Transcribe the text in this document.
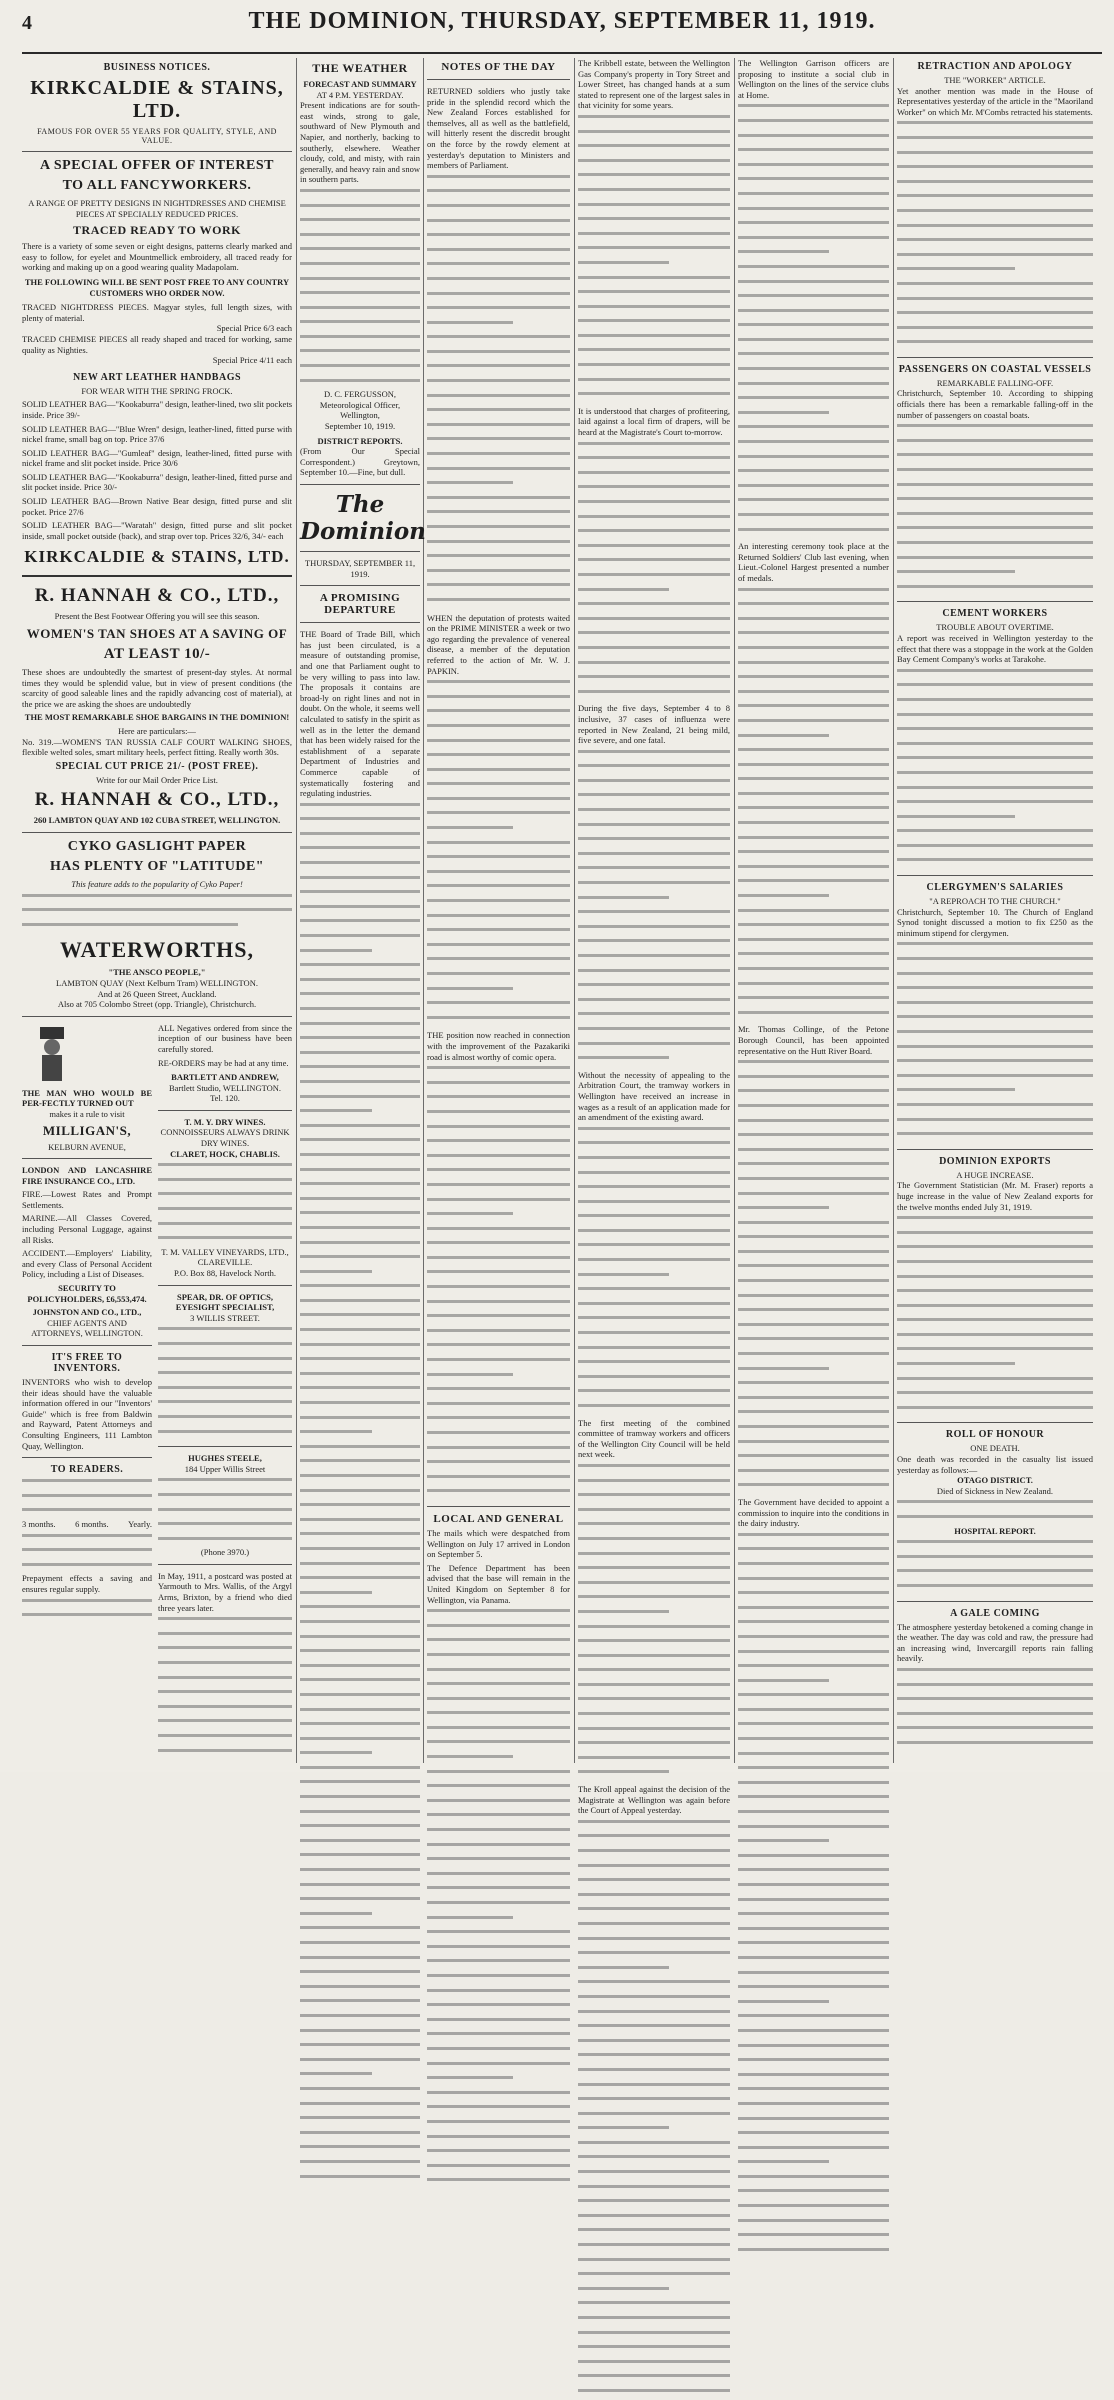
4	THE DOMINION, THURSDAY, SEPTEMBER 11, 1919.
BUSINESS NOTICES.
KIRKCALDIE & STAINS, LTD.
FAMOUS FOR OVER 55 YEARS FOR QUALITY, STYLE, AND VALUE.
A SPECIAL OFFER OF INTEREST
TO ALL FANCYWORKERS.
A RANGE OF PRETTY DESIGNS IN NIGHTDRESSES AND CHEMISE PIECES AT SPECIALLY REDUCED PRICES.
TRACED READY TO WORK
There is a variety of some seven or eight designs, patterns clearly marked and easy to follow, for eyelet and Mountmellick embroidery, all traced ready for working and making up on a good wearing quality Madapolam.
THE FOLLOWING WILL BE SENT POST FREE TO ANY COUNTRY CUSTOMERS WHO ORDER NOW.
TRACED NIGHTDRESS PIECES. Magyar styles, full length sizes, with plenty of material.
Special Price 6/3 each
TRACED CHEMISE PIECES all ready shaped and traced for working, same quality as Nighties.
Special Price 4/11 each
NEW ART LEATHER HANDBAGS
FOR WEAR WITH THE SPRING FROCK.
SOLID LEATHER BAG—"Kookaburra" design, leather-lined, two slit pockets inside. Price 39/-
SOLID LEATHER BAG—"Blue Wren" design, leather-lined, fitted purse with nickel frame, small bag on top. Price 37/6
SOLID LEATHER BAG—"Gumleaf" design, leather-lined, fitted purse with nickel frame and slit pocket inside. Price 30/6
SOLID LEATHER BAG—"Kookaburra" design, leather-lined, fitted purse and slit pocket inside. Price 30/-
SOLID LEATHER BAG—Brown Native Bear design, fitted purse and slit pocket. Price 27/6
SOLID LEATHER BAG—"Waratah" design, fitted purse and slit pocket inside, small pocket outside (back), and strap over top. Prices 32/6, 34/- each
KIRKCALDIE & STAINS, LTD.
R. HANNAH & CO., LTD.,
Present the Best Footwear Offering you will see this season.
WOMEN'S TAN SHOES AT A SAVING OF
AT LEAST 10/-
These shoes are undoubtedly the smartest of present-day styles. At normal times they would be splendid value, but in view of present conditions (the scarcity of good saleable lines and the rapidly advancing cost of material), at the price we are asking the shoes are undoubtedly
THE MOST REMARKABLE SHOE BARGAINS IN THE DOMINION!
Here are particulars:—
No. 319.—WOMEN'S TAN RUSSIA CALF COURT WALKING SHOES, flexible welted soles, smart military heels, perfect fitting. Really worth 30s.
SPECIAL CUT PRICE 21/- (POST FREE).
Write for our Mail Order Price List.
R. HANNAH & CO., LTD.,
260 LAMBTON QUAY AND 102 CUBA STREET, WELLINGTON.
CYKO GASLIGHT PAPER
HAS PLENTY OF "LATITUDE"
This feature adds to the popularity of Cyko Paper!
WATERWORTHS,
"THE ANSCO PEOPLE,"
LAMBTON QUAY (Next Kelburn Tram) WELLINGTON.
And at 26 Queen Street, Auckland.
Also at 705 Colombo Street (opp. Triangle), Christchurch.
THE MAN WHO WOULD BE PER-FECTLY TURNED OUT
makes it a rule to visit
MILLIGAN'S,
KELBURN AVENUE,
LONDON AND LANCASHIRE FIRE INSURANCE CO., LTD.
FIRE.—Lowest Rates and Prompt Settlements.
MARINE.—All Classes Covered, including Personal Luggage, against all Risks.
ACCIDENT.—Employers' Liability, and every Class of Personal Accident Policy, including a List of Diseases.
SECURITY TO POLICYHOLDERS, £6,553,474.
JOHNSTON AND CO., LTD.,
CHIEF AGENTS AND ATTORNEYS, WELLINGTON.
IT'S FREE TO INVENTORS.
INVENTORS who wish to develop their ideas should have the valuable information offered in our "Inventors' Guide" which is free from Baldwin and Rayward, Patent Attorneys and Consulting Engineers, 111 Lambton Quay, Wellington.
TO READERS.
3 months. 6 months. Yearly.
Prepayment effects a saving and ensures regular supply.
ALL Negatives ordered from since the inception of our business have been carefully stored.
RE-ORDERS may be had at any time.
BARTLETT AND ANDREW,
Bartlett Studio, WELLINGTON.
Tel. 120.
T. M. Y. DRY WINES.
CONNOISSEURS ALWAYS DRINK DRY WINES.
CLARET, HOCK, CHABLIS.
T. M. VALLEY VINEYARDS, LTD., CLAREVILLE.
P.O. Box 88, Havelock North.
SPEAR, DR. OF OPTICS, EYESIGHT SPECIALIST,
3 WILLIS STREET.
HUGHES STEELE,
184 Upper Willis Street
(Phone 3970.)
In May, 1911, a postcard was posted at Yarmouth to Mrs. Wallis, of the Argyl Arms, Brixton, by a friend who died three years later.
THE WEATHER
FORECAST AND SUMMARY
AT 4 P.M. YESTERDAY.
Present indications are for south-east winds, strong to gale, southward of New Plymouth and Napier, and northerly, backing to southerly, elsewhere. Weather cloudy, cold, and misty, with rain generally, and heavy rain and snow in southern parts.
D. C. FERGUSSON,
Meteorological Officer, Wellington,
September 10, 1919.
DISTRICT REPORTS.
(From Our Special Correspondent.) Greytown, September 10.—Fine, but dull.
The Dominion
THURSDAY, SEPTEMBER 11, 1919.
A PROMISING DEPARTURE
THE Board of Trade Bill, which has just been circulated, is a measure of outstanding promise, and one that Parliament ought to be very willing to pass into law. The proposals it contains are broad-ly on right lines and not in doubt. On the whole, it seems well calculated to satisfy in the spirit as well as in the letter the demand that has been widely raised for the establishment of a separate Department of Industries and Commerce capable of systematically fostering and regulating industries.
NOTES OF THE DAY
RETURNED soldiers who justly take pride in the splendid record which the New Zealand Forces established for themselves, all as well as the battlefield, will hitterly resent the discredit brought on the force by the rowdy element at yesterday's deputation to Ministers and members of Parliament.
WHEN the deputation of protests waited on the PRIME MINISTER a week or two ago regarding the prevalence of venereal disease, a member of the deputation referred to the action of Mr. W. J. PAPKIN.
THE position now reached in connection with the improvement of the Pazakariki road is almost worthy of comic opera.
LOCAL AND GENERAL
The mails which were despatched from Wellington on July 17 arrived in London on September 5.
The Defence Department has been advised that the base will remain in the United Kingdom on September 8 for Wellington, via Panama.
The Kribbell estate, between the Wellington Gas Company's property in Tory Street and Lower Street, has changed hands at a sum stated to represent one of the largest sales in that vicinity for some years.
It is understood that charges of profiteering, laid against a local firm of drapers, will be heard at the Magistrate's Court to-morrow.
During the five days, September 4 to 8 inclusive, 37 cases of influenza were reported in New Zealand, 21 being mild, five severe, and one fatal.
Without the necessity of appealing to the Arbitration Court, the tramway workers in Wellington have received an increase in wages as a result of an application made for an amendment of the existing award.
The first meeting of the combined committee of tramway workers and officers of the Wellington City Council will be held next week.
The Kroll appeal against the decision of the Magistrate at Wellington was again before the Court of Appeal yesterday.
The Wellington Garrison officers are proposing to institute a social club in Wellington on the lines of the service clubs at Home.
An interesting ceremony took place at the Returned Soldiers' Club last evening, when Lieut.-Colonel Hargest presented a number of medals.
Mr. Thomas Collinge, of the Petone Borough Council, has been appointed representative on the Hutt River Board.
The Government have decided to appoint a commission to inquire into the conditions in the dairy industry.
RETRACTION AND APOLOGY
THE "WORKER" ARTICLE.
Yet another mention was made in the House of Representatives yesterday of the article in the "Maoriland Worker" on which Mr. M'Combs retracted his statements.
PASSENGERS ON COASTAL VESSELS
REMARKABLE FALLING-OFF.
Christchurch, September 10. According to shipping officials there has been a remarkable falling-off in the number of passengers on coastal boats.
CEMENT WORKERS
TROUBLE ABOUT OVERTIME.
A report was received in Wellington yesterday to the effect that there was a stoppage in the work at the Golden Bay Cement Company's works at Tarakohe.
CLERGYMEN'S SALARIES
"A REPROACH TO THE CHURCH."
Christchurch, September 10. The Church of England Synod tonight discussed a motion to fix £250 as the minimum stipend for clergymen.
DOMINION EXPORTS
A HUGE INCREASE.
The Government Statistician (Mr. M. Fraser) reports a huge increase in the value of New Zealand exports for the twelve months ended July 31, 1919.
ROLL OF HONOUR
ONE DEATH.
One death was recorded in the casualty list issued yesterday as follows:—
OTAGO DISTRICT.
Died of Sickness in New Zealand.
HOSPITAL REPORT.
A GALE COMING
The atmosphere yesterday betokened a coming change in the weather. The day was cold and raw, the pressure had an increasing wind, Invercargill reports rain falling heavily.
